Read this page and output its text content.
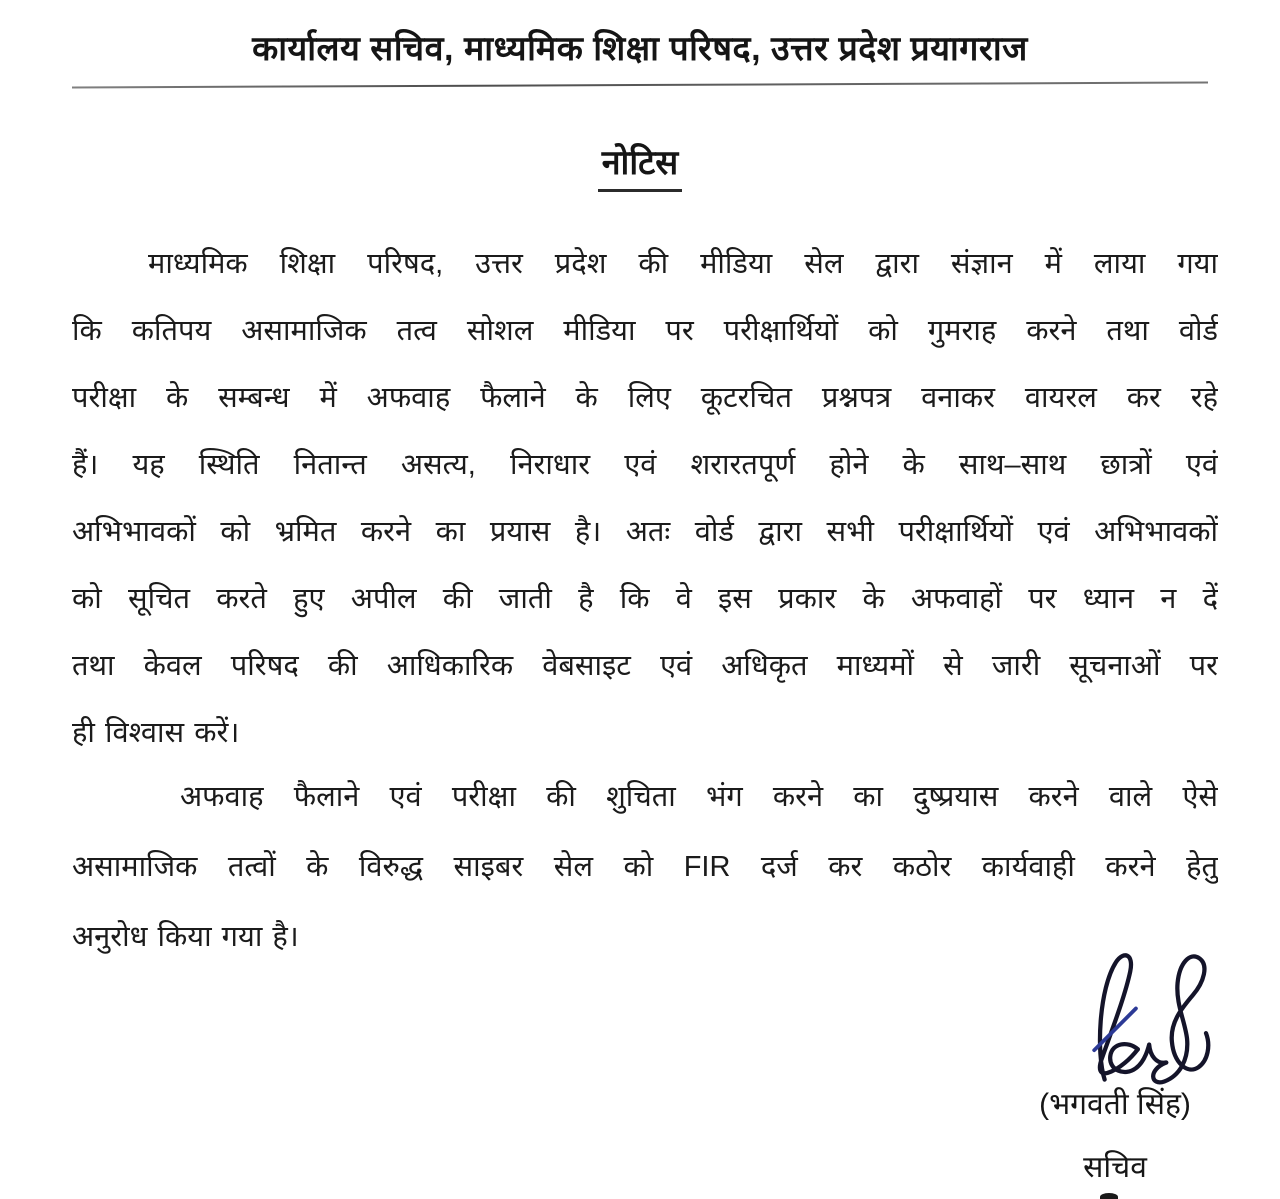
कार्यालय सचिव, माध्यमिक शिक्षा परिषद, उत्तर प्रदेश प्रयागराज
नोटिस
माध्यमिक शिक्षा परिषद, उत्तर प्रदेश की मीडिया सेल द्वारा संज्ञान में लाया गया
कि कतिपय असामाजिक तत्व सोशल मीडिया पर परीक्षार्थियों को गुमराह करने तथा वोर्ड
परीक्षा के सम्बन्ध में अफवाह फैलाने के लिए कूटरचित प्रश्नपत्र वनाकर वायरल कर रहे
हैं। यह स्थिति नितान्त असत्य, निराधार एवं शरारतपूर्ण होने के साथ–साथ छात्रों एवं
अभिभावकों को भ्रमित करने का प्रयास है। अतः वोर्ड द्वारा सभी परीक्षार्थियों एवं अभिभावकों
को सूचित करते हुए अपील की जाती है कि वे इस प्रकार के अफवाहों पर ध्यान न दें
तथा केवल परिषद की आधिकारिक वेबसाइट एवं अधिकृत माध्यमों से जारी सूचनाओं पर
ही विश्वास करें।
अफवाह फैलाने एवं परीक्षा की शुचिता भंग करने का दुष्प्रयास करने वाले ऐसे
असामाजिक तत्वों के विरुद्ध साइबर सेल को FIR दर्ज कर कठोर कार्यवाही करने हेतु
अनुरोध किया गया है।
(भगवती सिंह)
सचिव
